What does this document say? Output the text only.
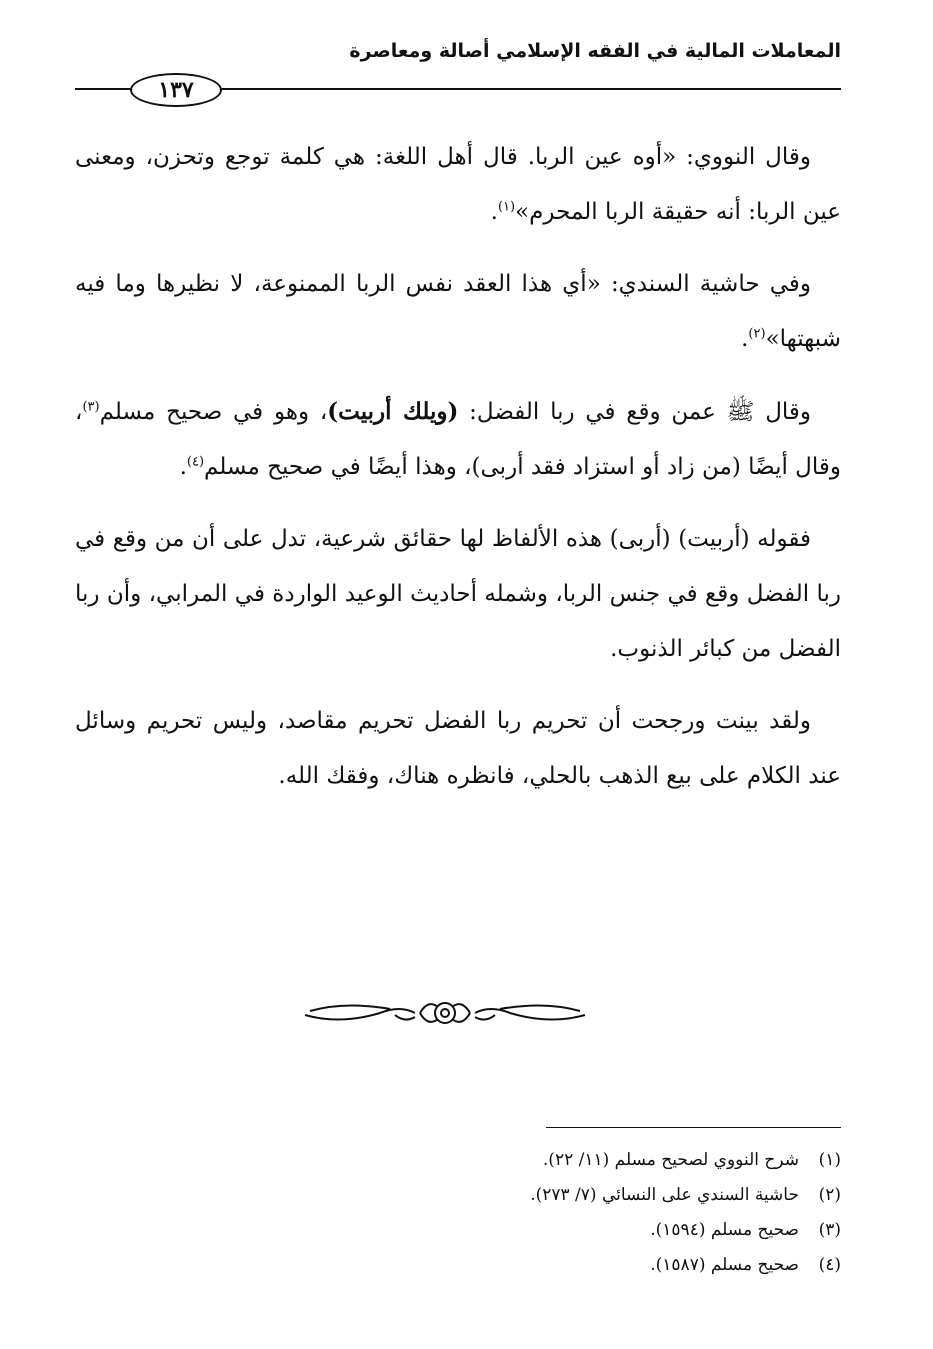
المعاملات المالية في الفقه الإسلامي أصالة ومعاصرة
١٣٧

وقال النووي: «أوه عين الربا. قال أهل اللغة: هي كلمة توجع وتحزن، ومعنى عين الربا: أنه حقيقة الربا المحرم»$^{(١)}$.

وفي حاشية السندي: «أي هذا العقد نفس الربا الممنوعة، لا نظيرها وما فيه شبهتها»$^{(٢)}$.

وقال ﷺ عمن وقع في ربا الفضل: (ويلك أربيت)، وهو في صحيح مسلم$^{(٣)}$، وقال أيضًا (من زاد أو استزاد فقد أربى)، وهذا أيضًا في صحيح مسلم$^{(٤)}$.

فقوله (أربيت) (أربى) هذه الألفاظ لها حقائق شرعية، تدل على أن من وقع في ربا الفضل وقع في جنس الربا، وشمله أحاديث الوعيد الواردة في المرابي، وأن ربا الفضل من كبائر الذنوب.

ولقد بينت ورجحت أن تحريم ربا الفضل تحريم مقاصد، وليس تحريم وسائل عند الكلام على بيع الذهب بالحلي، فانظره هناك، وفقك الله.

(١)شرح النووي لصحيح مسلم (١١/ ٢٢).
(٢)حاشية السندي على النسائي (٧/ ٢٧٣).
(٣)صحيح مسلم (١٥٩٤).
(٤)صحيح مسلم (١٥٨٧).
